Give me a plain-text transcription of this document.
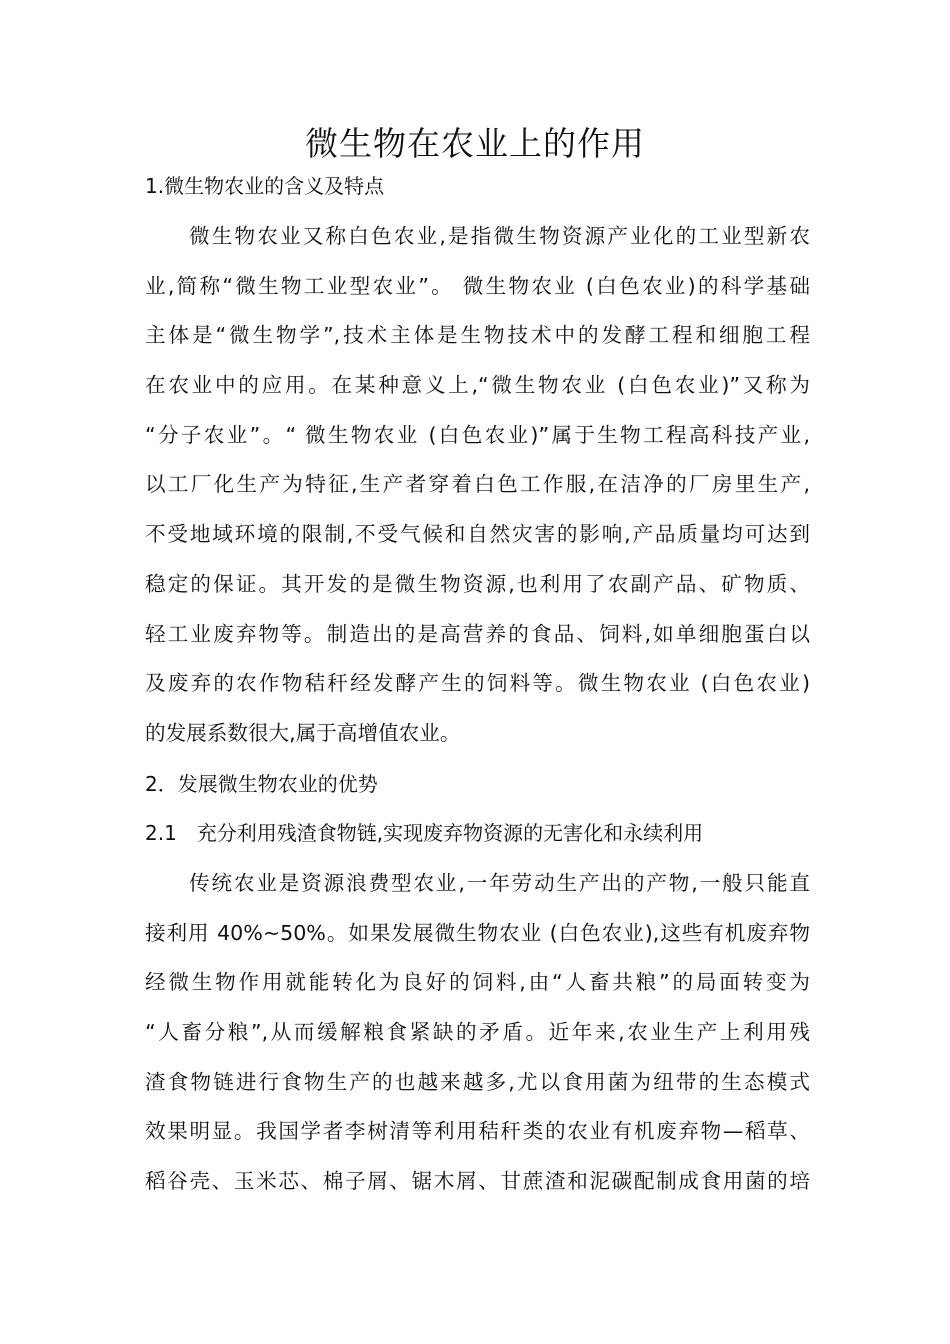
微生物在农业上的作用
1.微生物农业的含义及特点
微生物农业又称白色农业,是指微生物资源产业化的工业型新农
业,简称“微生物工业型农业”。 微生物农业 (白色农业)的科学基础
主体是“微生物学”,技术主体是生物技术中的发酵工程和细胞工程
在农业中的应用。在某种意义上,“微生物农业 (白色农业)”又称为
“分子农业”。“ 微生物农业 (白色农业)”属于生物工程高科技产业,
以工厂化生产为特征,生产者穿着白色工作服,在洁净的厂房里生产,
不受地域环境的限制,不受气候和自然灾害的影响,产品质量均可达到
稳定的保证。其开发的是微生物资源,也利用了农副产品、矿物质、
轻工业废弃物等。制造出的是高营养的食品、饲料,如单细胞蛋白以
及废弃的农作物秸秆经发酵产生的饲料等。微生物农业 (白色农业)
的发展系数很大,属于高增值农业。
2．发展微生物农业的优势
2.1　充分利用残渣食物链,实现废弃物资源的无害化和永续利用
传统农业是资源浪费型农业,一年劳动生产出的产物,一般只能直
接利用 40%~50%。如果发展微生物农业 (白色农业),这些有机废弃物
经微生物作用就能转化为良好的饲料,由“人畜共粮”的局面转变为
“人畜分粮”,从而缓解粮食紧缺的矛盾。近年来,农业生产上利用残
渣食物链进行食物生产的也越来越多,尤以食用菌为纽带的生态模式
效果明显。我国学者李树清等利用秸秆类的农业有机废弃物—稻草、
稻谷壳、玉米芯、棉子屑、锯木屑、甘蔗渣和泥碳配制成食用菌的培
